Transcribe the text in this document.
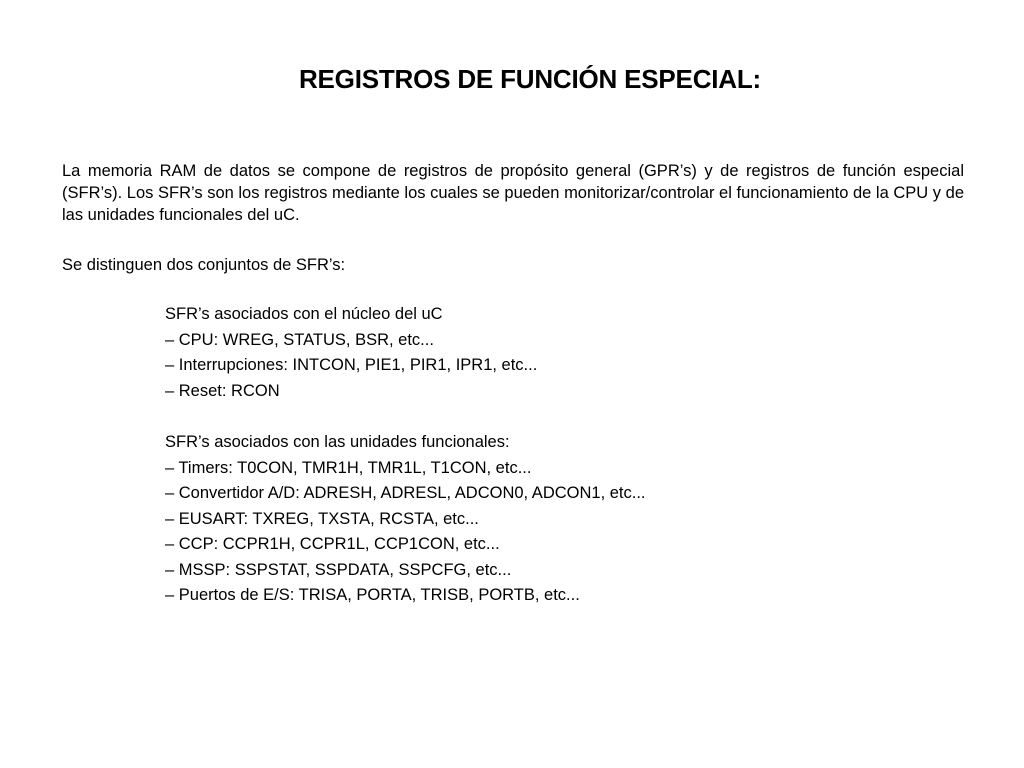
REGISTROS DE FUNCIÓN ESPECIAL:
La memoria RAM de datos se compone de registros de propósito general (GPR’s) y de registros de función especial (SFR’s). Los SFR’s son los registros mediante los cuales se pueden monitorizar/controlar el funcionamiento de la CPU y de las unidades funcionales del uC.
Se distinguen dos conjuntos de SFR’s:
SFR’s asociados con el núcleo del uC
– CPU: WREG, STATUS, BSR, etc...
– Interrupciones: INTCON, PIE1, PIR1, IPR1, etc...
– Reset: RCON
SFR’s asociados con las unidades funcionales:
– Timers: T0CON, TMR1H, TMR1L, T1CON, etc...
– Convertidor A/D: ADRESH, ADRESL, ADCON0, ADCON1, etc...
– EUSART: TXREG, TXSTA, RCSTA, etc...
– CCP: CCPR1H, CCPR1L, CCP1CON, etc...
– MSSP: SSPSTAT, SSPDATA, SSPCFG, etc...
– Puertos de E/S: TRISA, PORTA, TRISB, PORTB, etc...
